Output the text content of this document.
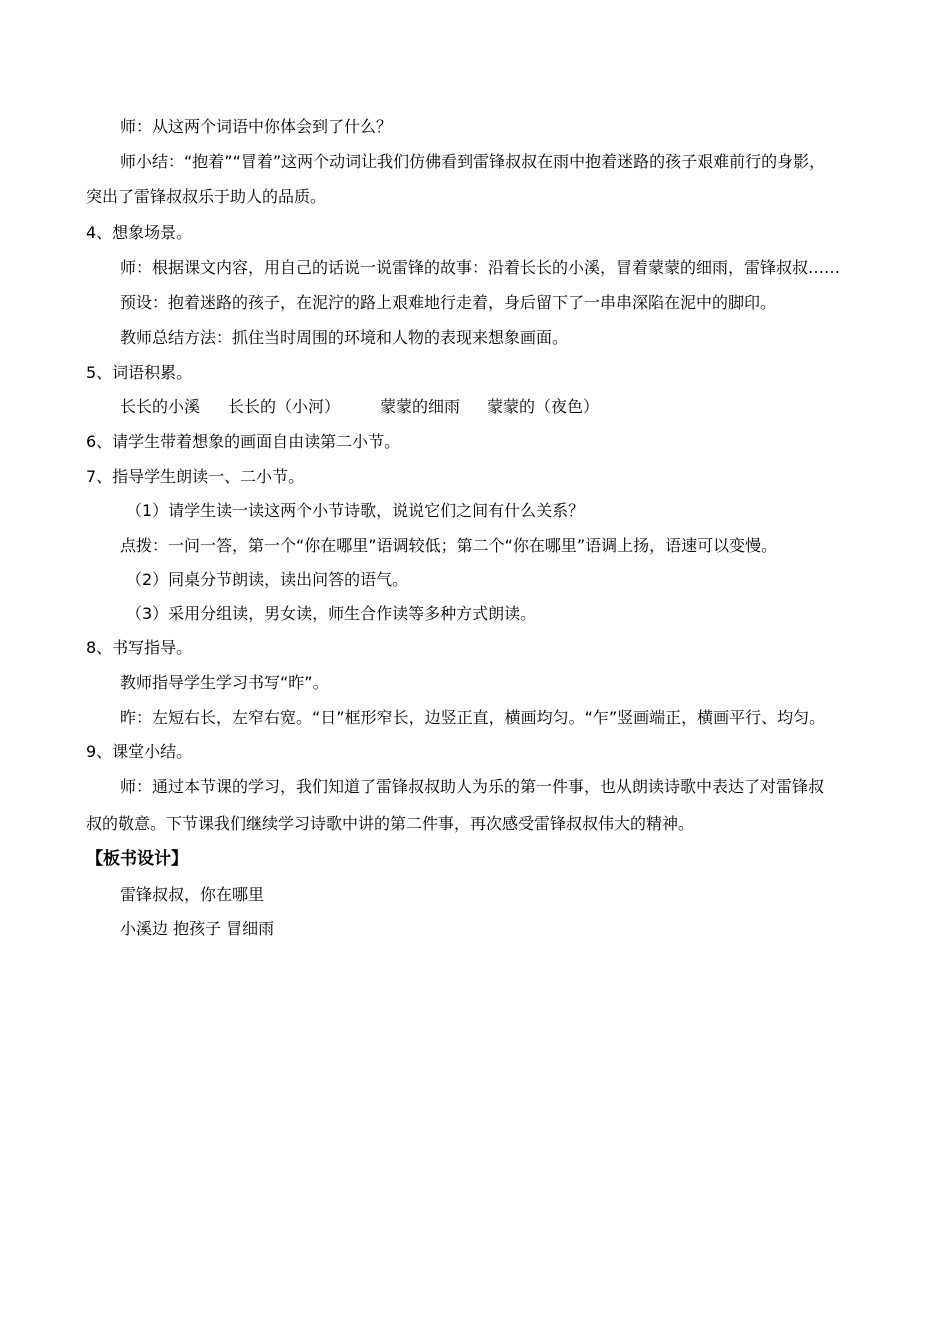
师：从这两个词语中你体会到了什么？
师小结：“抱着”“冒着”这两个动词让我们仿佛看到雷锋叔叔在雨中抱着迷路的孩子艰难前行的身影，
突出了雷锋叔叔乐于助人的品质。
4、想象场景。
师：根据课文内容，用自己的话说一说雷锋的故事：沿着长长的小溪，冒着蒙蒙的细雨，雷锋叔叔……
预设：抱着迷路的孩子，在泥泞的路上艰难地行走着，身后留下了一串串深陷在泥中的脚印。
教师总结方法：抓住当时周围的环境和人物的表现来想象画面。
5、词语积累。
长长的小溪 长长的（小河） 蒙蒙的细雨 蒙蒙的（夜色）
6、请学生带着想象的画面自由读第二小节。
7、指导学生朗读一、二小节。
（1）请学生读一读这两个小节诗歌，说说它们之间有什么关系？
点拨：一问一答，第一个“你在哪里”语调较低；第二个“你在哪里”语调上扬，语速可以变慢。
（2）同桌分节朗读，读出问答的语气。
（3）采用分组读，男女读，师生合作读等多种方式朗读。
8、书写指导。
教师指导学生学习书写“昨”。
昨：左短右长，左窄右宽。“日”框形窄长，边竖正直，横画均匀。“乍”竖画端正，横画平行、均匀。
9、课堂小结。
师：通过本节课的学习，我们知道了雷锋叔叔助人为乐的第一件事，也从朗读诗歌中表达了对雷锋叔
叔的敬意。下节课我们继续学习诗歌中讲的第二件事，再次感受雷锋叔叔伟大的精神。
【板书设计】
雷锋叔叔，你在哪里
小溪边 抱孩子 冒细雨
